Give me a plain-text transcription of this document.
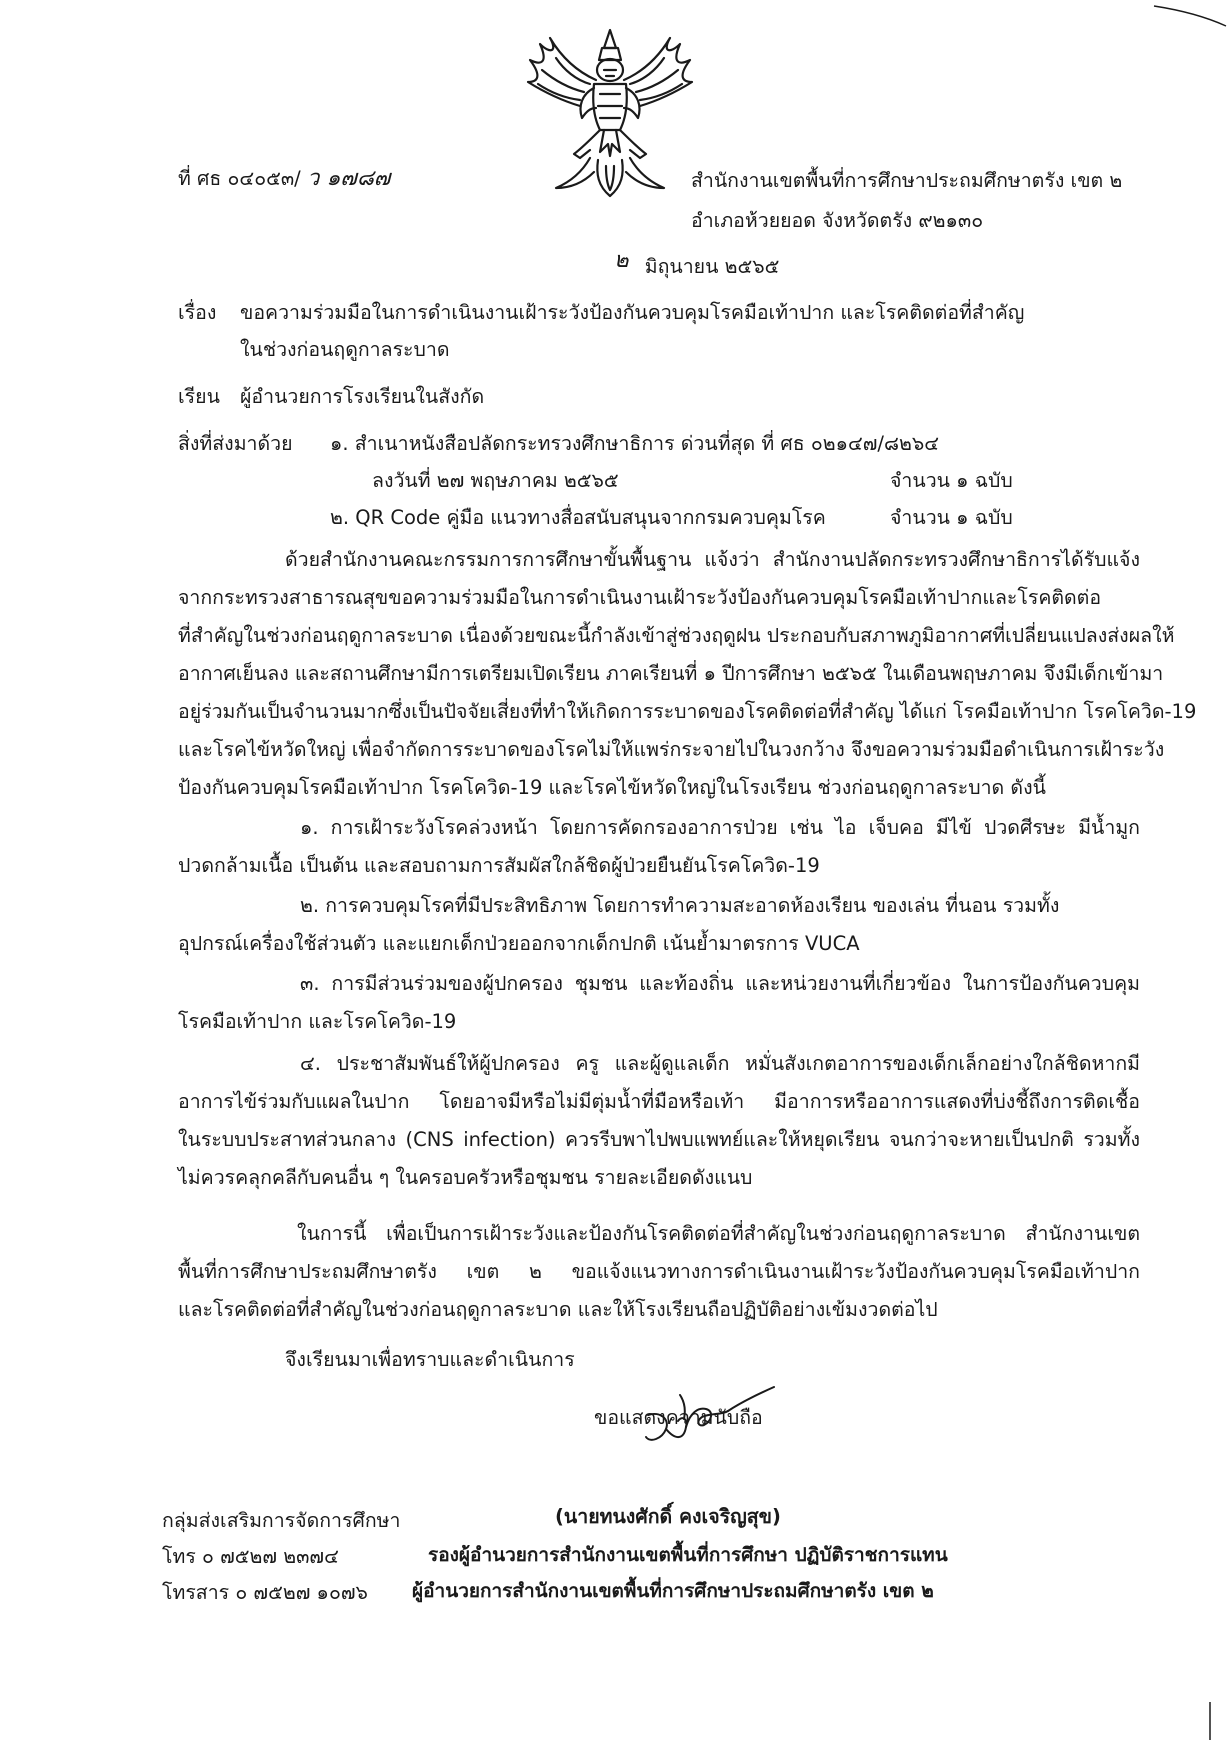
ที่ ศธ ๐๔๐๕๓/ ว ๑๗๘๗	สำนักงานเขตพื้นที่การศึกษาประถมศึกษาตรัง เขต ๒
อำเภอห้วยยอด จังหวัดตรัง ๙๒๑๓๐
๒ มิถุนายน ๒๕๖๕
เรื่อง ขอความร่วมมือในการดำเนินงานเฝ้าระวังป้องกันควบคุมโรคมือเท้าปาก และโรคติดต่อที่สำคัญ
ในช่วงก่อนฤดูกาลระบาด
เรียน ผู้อำนวยการโรงเรียนในสังกัด
สิ่งที่ส่งมาด้วย ๑. สำเนาหนังสือปลัดกระทรวงศึกษาธิการ ด่วนที่สุด ที่ ศธ ๐๒๑๔๗/๘๒๖๔
ลงวันที่ ๒๗ พฤษภาคม ๒๕๖๕	จำนวน ๑ ฉบับ
๒. QR Code คู่มือ แนวทางสื่อสนับสนุนจากกรมควบคุมโรค	จำนวน ๑ ฉบับ
ด้วยสำนักงานคณะกรรมการการศึกษาขั้นพื้นฐาน แจ้งว่า สำนักงานปลัดกระทรวงศึกษาธิการได้รับแจ้ง
จากกระทรวงสาธารณสุขขอความร่วมมือในการดำเนินงานเฝ้าระวังป้องกันควบคุมโรคมือเท้าปากและโรคติดต่อ
ที่สำคัญในช่วงก่อนฤดูกาลระบาด เนื่องด้วยขณะนี้กำลังเข้าสู่ช่วงฤดูฝน ประกอบกับสภาพภูมิอากาศที่เปลี่ยนแปลงส่งผลให้
อากาศเย็นลง และสถานศึกษามีการเตรียมเปิดเรียน ภาคเรียนที่ ๑ ปีการศึกษา ๒๕๖๕ ในเดือนพฤษภาคม จึงมีเด็กเข้ามา
อยู่ร่วมกันเป็นจำนวนมากซึ่งเป็นปัจจัยเสี่ยงที่ทำให้เกิดการระบาดของโรคติดต่อที่สำคัญ ได้แก่ โรคมือเท้าปาก โรคโควิด-19
และโรคไข้หวัดใหญ่ เพื่อจำกัดการระบาดของโรคไม่ให้แพร่กระจายไปในวงกว้าง จึงขอความร่วมมือดำเนินการเฝ้าระวัง
ป้องกันควบคุมโรคมือเท้าปาก โรคโควิด-19 และโรคไข้หวัดใหญ่ในโรงเรียน ช่วงก่อนฤดูกาลระบาด ดังนี้
๑. การเฝ้าระวังโรคล่วงหน้า โดยการคัดกรองอาการป่วย เช่น ไอ เจ็บคอ มีไข้ ปวดศีรษะ มีน้ำมูก
ปวดกล้ามเนื้อ เป็นต้น และสอบถามการสัมผัสใกล้ชิดผู้ป่วยยืนยันโรคโควิด-19
๒. การควบคุมโรคที่มีประสิทธิภาพ โดยการทำความสะอาดห้องเรียน ของเล่น ที่นอน รวมทั้ง
อุปกรณ์เครื่องใช้ส่วนตัว และแยกเด็กป่วยออกจากเด็กปกติ เน้นย้ำมาตรการ VUCA
๓. การมีส่วนร่วมของผู้ปกครอง ชุมชน และท้องถิ่น และหน่วยงานที่เกี่ยวข้อง ในการป้องกันควบคุม
โรคมือเท้าปาก และโรคโควิด-19
๔. ประชาสัมพันธ์ให้ผู้ปกครอง ครู และผู้ดูแลเด็ก หมั่นสังเกตอาการของเด็กเล็กอย่างใกล้ชิดหากมี
อาการไข้ร่วมกับแผลในปาก โดยอาจมีหรือไม่มีตุ่มน้ำที่มือหรือเท้า มีอาการหรืออาการแสดงที่บ่งชี้ถึงการติดเชื้อ
ในระบบประสาทส่วนกลาง (CNS infection) ควรรีบพาไปพบแพทย์และให้หยุดเรียน จนกว่าจะหายเป็นปกติ รวมทั้ง
ไม่ควรคลุกคลีกับคนอื่น ๆ ในครอบครัวหรือชุมชน รายละเอียดดังแนบ
ในการนี้ เพื่อเป็นการเฝ้าระวังและป้องกันโรคติดต่อที่สำคัญในช่วงก่อนฤดูกาลระบาด สำนักงานเขต
พื้นที่การศึกษาประถมศึกษาตรัง เขต ๒ ขอแจ้งแนวทางการดำเนินงานเฝ้าระวังป้องกันควบคุมโรคมือเท้าปาก
และโรคติดต่อที่สำคัญในช่วงก่อนฤดูกาลระบาด และให้โรงเรียนถือปฏิบัติอย่างเข้มงวดต่อไป
จึงเรียนมาเพื่อทราบและดำเนินการ
ขอแสดงความนับถือ
(นายทนงศักดิ์ คงเจริญสุข)
รองผู้อำนวยการสำนักงานเขตพื้นที่การศึกษา ปฏิบัติราชการแทน
ผู้อำนวยการสำนักงานเขตพื้นที่การศึกษาประถมศึกษาตรัง เขต ๒
กลุ่มส่งเสริมการจัดการศึกษา
โทร ๐ ๗๕๒๗ ๒๓๗๔
โทรสาร ๐ ๗๕๒๗ ๑๐๗๖
